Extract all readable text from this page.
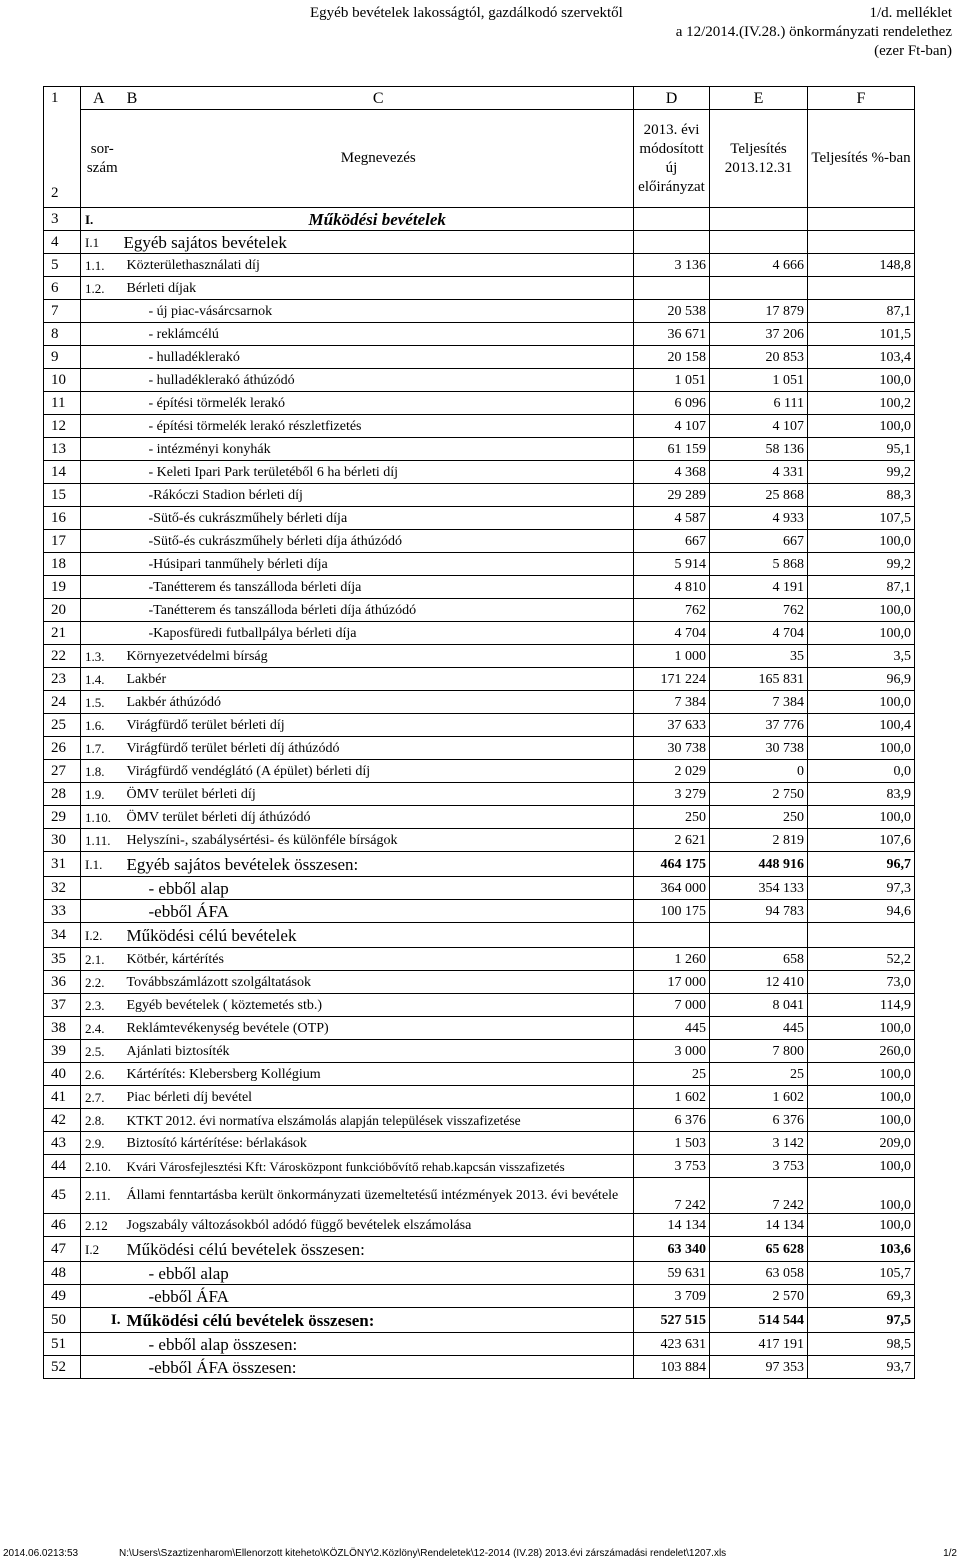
Egyéb bevételek lakosságtól, gazdálkodó szervektől	1/d. melléklet
a 12/2014.(IV.28.) önkormányzati rendelethez
(ezer Ft-ban)
1	A B	C	D	E	F
2	sor-szám	Megnevezés	2013. évi módosított új előirányzat	Teljesítés 2013.12.31	Teljesítés %-ban
3	I.	Működési bevételek			
4	I.1	Egyéb sajátos bevételek			
5	1.1.	Közterülethasználati díj	3 136	4 666	148,8
6	1.2.	Bérleti díjak			
7		- új piac-vásárcsarnok	20 538	17 879	87,1
8		- reklámcélú	36 671	37 206	101,5
9		- hulladéklerakó	20 158	20 853	103,4
10		- hulladéklerakó áthúzódó	1 051	1 051	100,0
11		- építési törmelék lerakó	6 096	6 111	100,2
12		- építési törmelék lerakó részletfizetés	4 107	4 107	100,0
13		- intézményi konyhák	61 159	58 136	95,1
14		- Keleti Ipari Park területéből 6 ha bérleti díj	4 368	4 331	99,2
15		-Rákóczi Stadion bérleti díj	29 289	25 868	88,3
16		-Sütő-és cukrászműhely bérleti díja	4 587	4 933	107,5
17		-Sütő-és cukrászműhely bérleti díja áthúzódó	667	667	100,0
18		-Húsipari tanműhely bérleti díja	5 914	5 868	99,2
19		-Tanétterem és tanszálloda bérleti díja	4 810	4 191	87,1
20		-Tanétterem és tanszálloda bérleti díja áthúzódó	762	762	100,0
21		-Kaposfüredi futballpálya bérleti díja	4 704	4 704	100,0
22	1.3.	Környezetvédelmi bírság	1 000	35	3,5
23	1.4.	Lakbér	171 224	165 831	96,9
24	1.5.	Lakbér áthúzódó	7 384	7 384	100,0
25	1.6.	Virágfürdő terület bérleti díj	37 633	37 776	100,4
26	1.7.	Virágfürdő terület bérleti díj áthúzódó	30 738	30 738	100,0
27	1.8.	Virágfürdő vendéglátó (A épület) bérleti díj	2 029	0	0,0
28	1.9.	ÖMV terület bérleti díj	3 279	2 750	83,9
29	1.10.	ÖMV terület bérleti díj áthúzódó	250	250	100,0
30	1.11.	Helyszíni-, szabálysértési- és különféle bírságok	2 621	2 819	107,6
31	I.1.	Egyéb sajátos bevételek összesen:	464 175	448 916	96,7
32		- ebből alap	364 000	354 133	97,3
33		-ebből ÁFA	100 175	94 783	94,6
34	I.2.	Működési célú bevételek			
35	2.1.	Kötbér, kártérítés	1 260	658	52,2
36	2.2.	Továbbszámlázott szolgáltatások	17 000	12 410	73,0
37	2.3.	Egyéb bevételek ( köztemetés stb.)	7 000	8 041	114,9
38	2.4.	Reklámtevékenység bevétele (OTP)	445	445	100,0
39	2.5.	Ajánlati biztosíték	3 000	7 800	260,0
40	2.6.	Kártérítés: Klebersberg Kollégium	25	25	100,0
41	2.7.	Piac bérleti díj bevétel	1 602	1 602	100,0
42	2.8.	KTKT 2012. évi normatíva elszámolás alapján települések visszafizetése	6 376	6 376	100,0
43	2.9.	Biztosító kártérítése: bérlakások	1 503	3 142	209,0
44	2.10.	Kvári Városfejlesztési Kft: Városközpont funkcióbővítő rehab.kapcsán visszafizetés	3 753	3 753	100,0
45	2.11.	Állami fenntartásba került önkormányzati üzemeltetésű intézmények 2013. évi bevétele	7 242	7 242	100,0
46	2.12	Jogszabály változásokból adódó függő bevételek elszámolása	14 134	14 134	100,0
47	I.2	Működési célú bevételek összesen:	63 340	65 628	103,6
48		- ebből alap	59 631	63 058	105,7
49		-ebből ÁFA	3 709	2 570	69,3
50	I.	Működési célú bevételek összesen:	527 515	514 544	97,5
51		- ebből alap összesen:	423 631	417 191	98,5
52		-ebből ÁFA összesen:	103 884	97 353	93,7
2014.06.0213:53	N:\Users\Szaztizenharom\Ellenorzott kiteheto\KÖZLÖNY\2.Közlöny\Rendeletek\12-2014 (IV.28) 2013.évi zárszámadási rendelet\1207.xls	1/2
